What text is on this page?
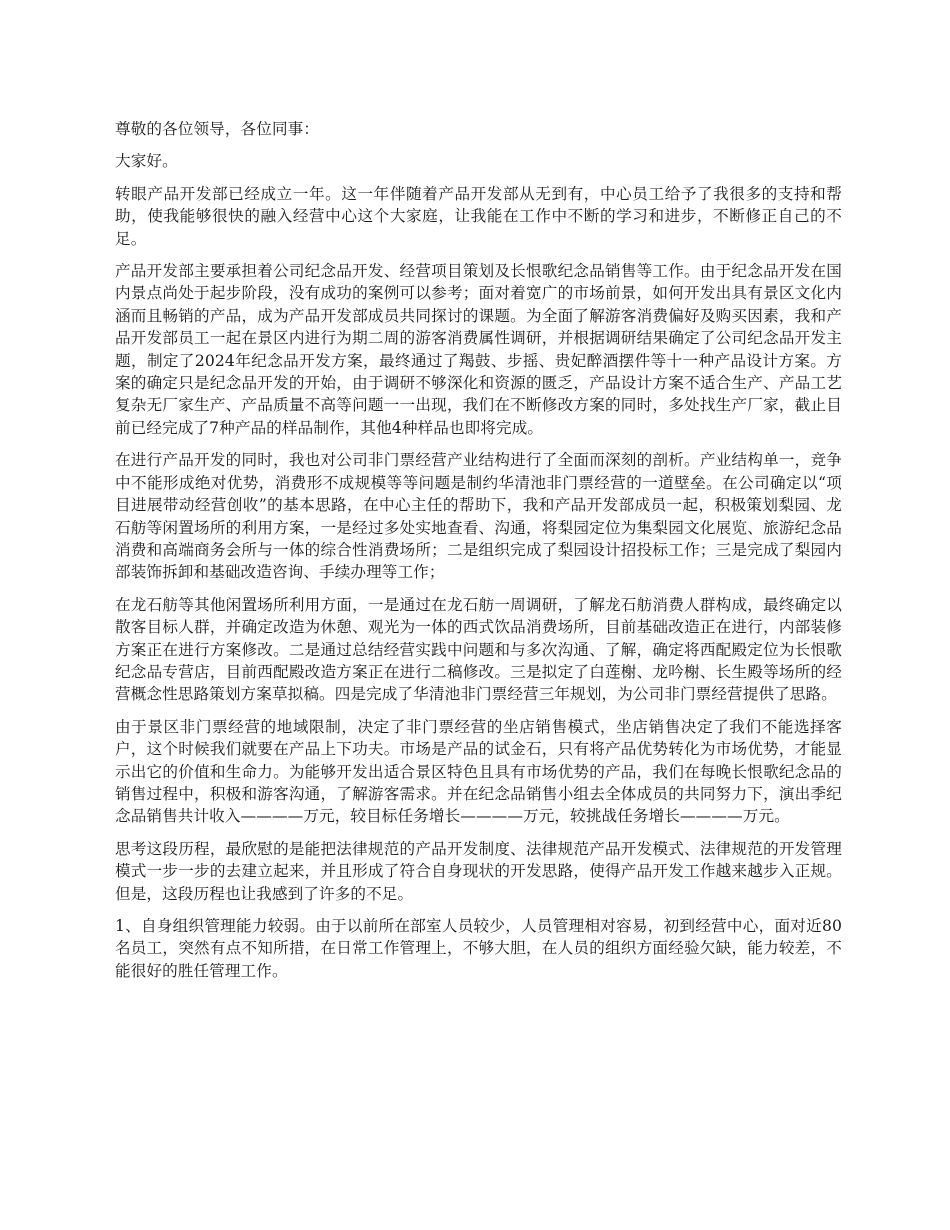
尊敬的各位领导，各位同事：

大家好。

转眼产品开发部已经成立一年。这一年伴随着产品开发部从无到有，中心员工给予了我很多的支持和帮助，使我能够很快的融入经营中心这个大家庭，让我能在工作中不断的学习和进步，不断修正自己的不足。

产品开发部主要承担着公司纪念品开发、经营项目策划及长恨歌纪念品销售等工作。由于纪念品开发在国内景点尚处于起步阶段，没有成功的案例可以参考；面对着宽广的市场前景，如何开发出具有景区文化内涵而且畅销的产品，成为产品开发部成员共同探讨的课题。为全面了解游客消费偏好及购买因素，我和产品开发部员工一起在景区内进行为期二周的游客消费属性调研，并根据调研结果确定了公司纪念品开发主题，制定了2024年纪念品开发方案，最终通过了羯鼓、步摇、贵妃醉酒摆件等十一种产品设计方案。方案的确定只是纪念品开发的开始，由于调研不够深化和资源的匮乏，产品设计方案不适合生产、产品工艺复杂无厂家生产、产品质量不高等问题一一出现，我们在不断修改方案的同时，多处找生产厂家，截止目前已经完成了7种产品的样品制作，其他4种样品也即将完成。

在进行产品开发的同时，我也对公司非门票经营产业结构进行了全面而深刻的剖析。产业结构单一，竞争中不能形成绝对优势，消费形不成规模等等问题是制约华清池非门票经营的一道壁垒。在公司确定以“项目进展带动经营创收”的基本思路，在中心主任的帮助下，我和产品开发部成员一起，积极策划梨园、龙石舫等闲置场所的利用方案，一是经过多处实地查看、沟通，将梨园定位为集梨园文化展览、旅游纪念品消费和高端商务会所与一体的综合性消费场所；二是组织完成了梨园设计招投标工作；三是完成了梨园内部装饰拆卸和基础改造咨询、手续办理等工作；

在龙石舫等其他闲置场所利用方面，一是通过在龙石舫一周调研，了解龙石舫消费人群构成，最终确定以散客目标人群，并确定改造为休憩、观光为一体的西式饮品消费场所，目前基础改造正在进行，内部装修方案正在进行方案修改。二是通过总结经营实践中问题和与多次沟通、了解，确定将西配殿定位为长恨歌纪念品专营店，目前西配殿改造方案正在进行二稿修改。三是拟定了白莲榭、龙吟榭、长生殿等场所的经营概念性思路策划方案草拟稿。四是完成了华清池非门票经营三年规划，为公司非门票经营提供了思路。

由于景区非门票经营的地域限制，决定了非门票经营的坐店销售模式，坐店销售决定了我们不能选择客户，这个时候我们就要在产品上下功夫。市场是产品的试金石，只有将产品优势转化为市场优势，才能显示出它的价值和生命力。为能够开发出适合景区特色且具有市场优势的产品，我们在每晚长恨歌纪念品的销售过程中，积极和游客沟通，了解游客需求。并在纪念品销售小组去全体成员的共同努力下，演出季纪念品销售共计收入————万元，较目标任务增长————万元，较挑战任务增长————万元。

思考这段历程，最欣慰的是能把法律规范的产品开发制度、法律规范产品开发模式、法律规范的开发管理模式一步一步的去建立起来，并且形成了符合自身现状的开发思路，使得产品开发工作越来越步入正规。但是，这段历程也让我感到了许多的不足。

1、自身组织管理能力较弱。由于以前所在部室人员较少，人员管理相对容易，初到经营中心，面对近80名员工，突然有点不知所措，在日常工作管理上，不够大胆，在人员的组织方面经验欠缺，能力较差，不能很好的胜任管理工作。
